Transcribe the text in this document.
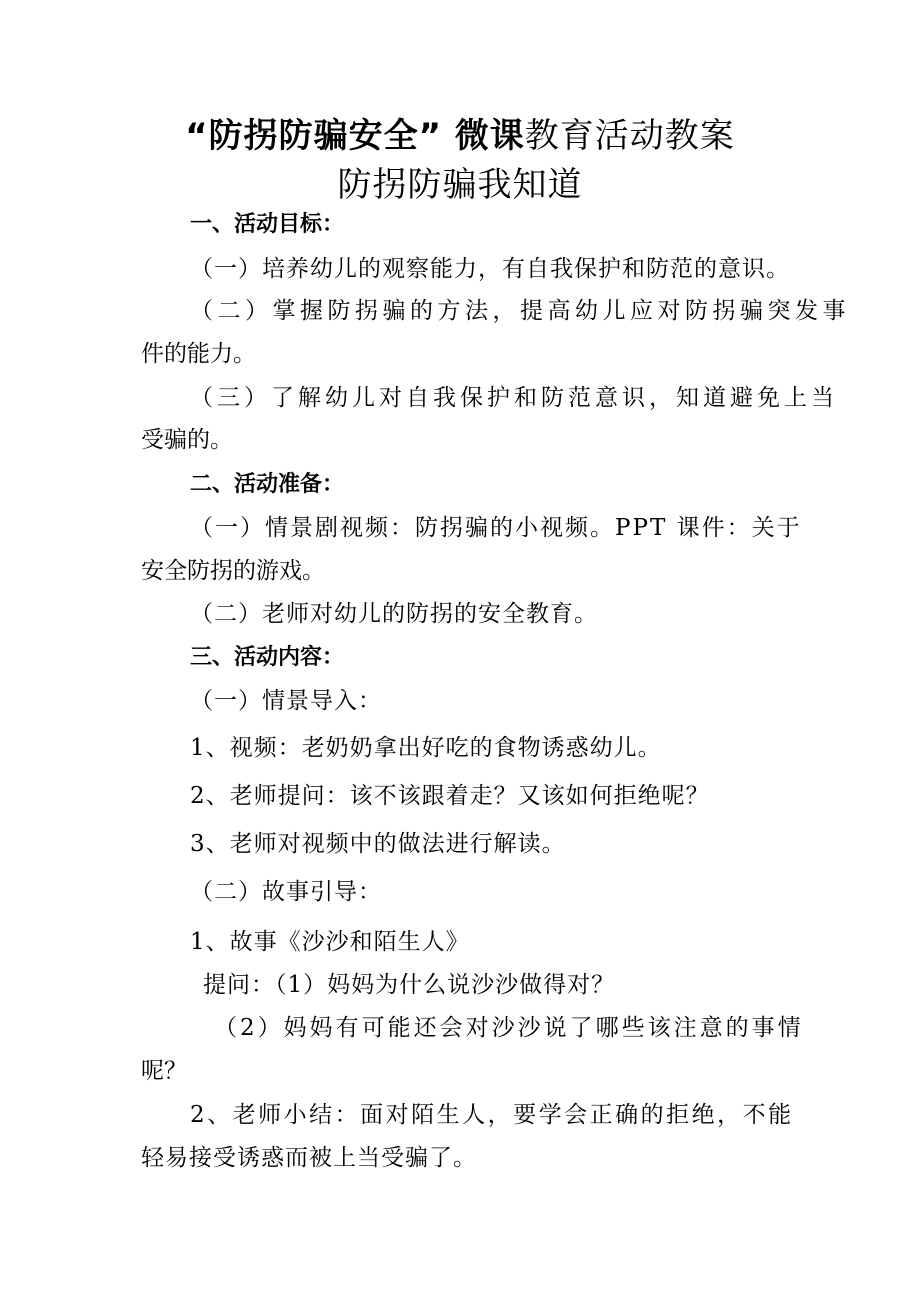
“防拐防骗安全” 微课教育活动教案
防拐防骗我知道
一、活动目标：
（一）培养幼儿的观察能力，有自我保护和防范的意识。
（二）掌握防拐骗的方法，提高幼儿应对防拐骗突发事
件的能力。
（三）了解幼儿对自我保护和防范意识，知道避免上当
受骗的。
二、活动准备：
（一）情景剧视频：防拐骗的小视频。PPT 课件：关于
安全防拐的游戏。
（二）老师对幼儿的防拐的安全教育。
三、活动内容：
（一）情景导入：
1、视频：老奶奶拿出好吃的食物诱惑幼儿。
2、老师提问：该不该跟着走？又该如何拒绝呢？
3、老师对视频中的做法进行解读。
（二）故事引导：
1、故事《沙沙和陌生人》
提问：（1）妈妈为什么说沙沙做得对？
（2）妈妈有可能还会对沙沙说了哪些该注意的事情
呢？
2、老师小结：面对陌生人，要学会正确的拒绝，不能
轻易接受诱惑而被上当受骗了。
